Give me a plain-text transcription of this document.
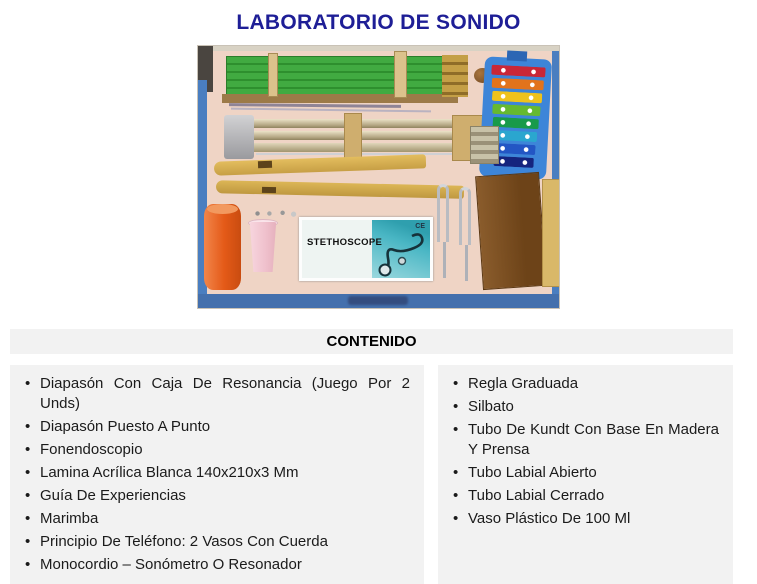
LABORATORIO DE SONIDO
STETHOSCOPE
CE
CONTENIDO
• Diapasón Con Caja De Resonancia (Juego Por 2 Unds)
• Diapasón Puesto A Punto
• Fonendoscopio
• Lamina Acrílica Blanca 140x210x3 Mm
• Guía De Experiencias
• Marimba
• Principio De Teléfono: 2 Vasos Con Cuerda
• Monocordio – Sonómetro O Resonador
• Regla Graduada
• Silbato
• Tubo De Kundt Con Base En Madera Y Prensa
• Tubo Labial Abierto
• Tubo Labial Cerrado
• Vaso Plástico De 100 Ml
